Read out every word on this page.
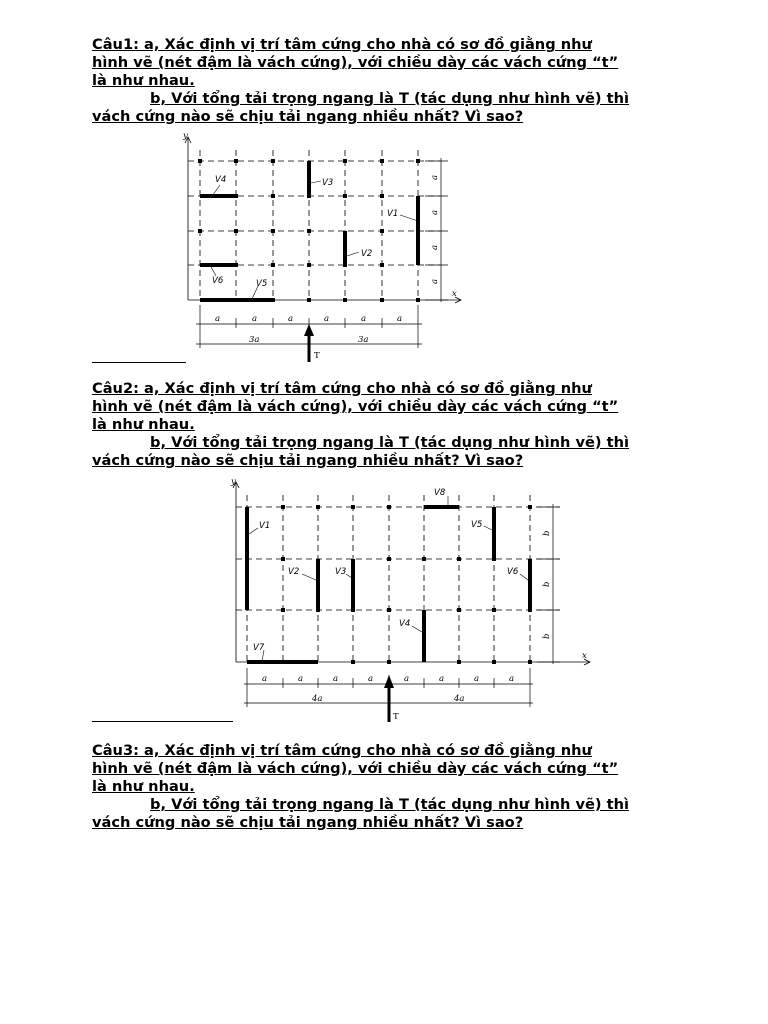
Câu1: a, Xác định vị trí tâm cứng cho nhà có sơ đồ giằng như

hình vẽ (nét đậm là vách cứng), với chiều dày các vách cứng “t”

là như nhau.

b, Với tổng tải trọng ngang là T (tác dụng như hình vẽ) thì

vách cứng nào sẽ chịu tải ngang nhiều nhất? Vì sao?

x
y
V1
V2
V3
V4
V5
V6
a
a
a
a
a	a	a	a	a	a
3a	3a
T

Câu2: a, Xác định vị trí tâm cứng cho nhà có sơ đồ giằng như

hình vẽ (nét đậm là vách cứng), với chiều dày các vách cứng “t”

là như nhau.

b, Với tổng tải trọng ngang là T (tác dụng như hình vẽ) thì

vách cứng nào sẽ chịu tải ngang nhiều nhất? Vì sao?

x
y
V1
V2	V3
V4
V5
V6
V7
V8
b
b
b
a	a	a	a	a	a	a	a
4a	4a
T

Câu3: a, Xác định vị trí tâm cứng cho nhà có sơ đồ giằng như

hình vẽ (nét đậm là vách cứng), với chiều dày các vách cứng “t”

là như nhau.

b, Với tổng tải trọng ngang là T (tác dụng như hình vẽ) thì

vách cứng nào sẽ chịu tải ngang nhiều nhất? Vì sao?
